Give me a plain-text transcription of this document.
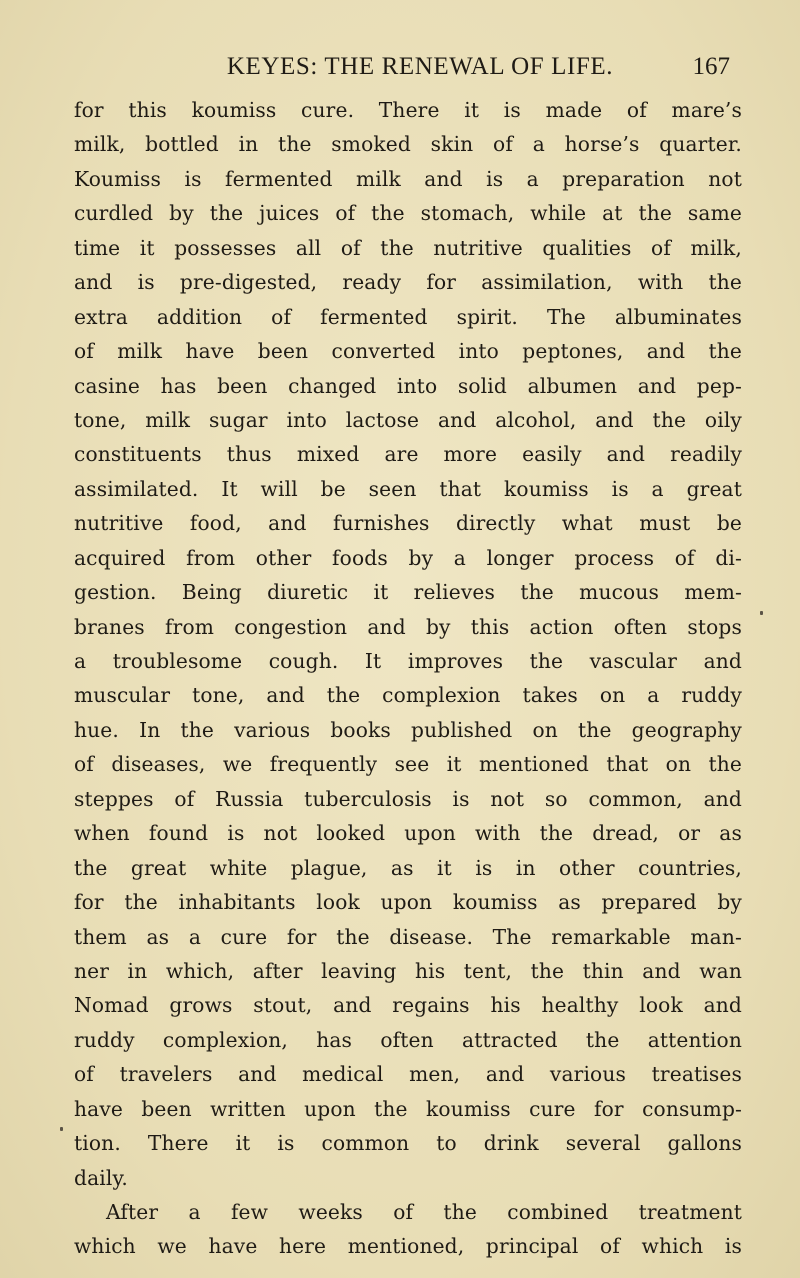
KEYES: THE RENEWAL OF LIFE.	167
for this koumiss cure. There it is made of mare’s
milk, bottled in the smoked skin of a horse’s quarter.
Koumiss is fermented milk and is a preparation not
curdled by the juices of the stomach, while at the same
time it possesses all of the nutritive qualities of milk,
and is pre-digested, ready for assimilation, with the
extra addition of fermented spirit. The albuminates
of milk have been converted into peptones, and the
casine has been changed into solid albumen and pep-
tone, milk sugar into lactose and alcohol, and the oily
constituents thus mixed are more easily and readily
assimilated. It will be seen that koumiss is a great
nutritive food, and furnishes directly what must be
acquired from other foods by a longer process of di-
gestion. Being diuretic it relieves the mucous mem-
branes from congestion and by this action often stops
a troublesome cough. It improves the vascular and
muscular tone, and the complexion takes on a ruddy
hue. In the various books published on the geography
of diseases, we frequently see it mentioned that on the
steppes of Russia tuberculosis is not so common, and
when found is not looked upon with the dread, or as
the great white plague, as it is in other countries,
for the inhabitants look upon koumiss as prepared by
them as a cure for the disease. The remarkable man-
ner in which, after leaving his tent, the thin and wan
Nomad grows stout, and regains his healthy look and
ruddy complexion, has often attracted the attention
of travelers and medical men, and various treatises
have been written upon the koumiss cure for consump-
tion. There it is common to drink several gallons
daily.
After a few weeks of the combined treatment
which we have here mentioned, principal of which is
